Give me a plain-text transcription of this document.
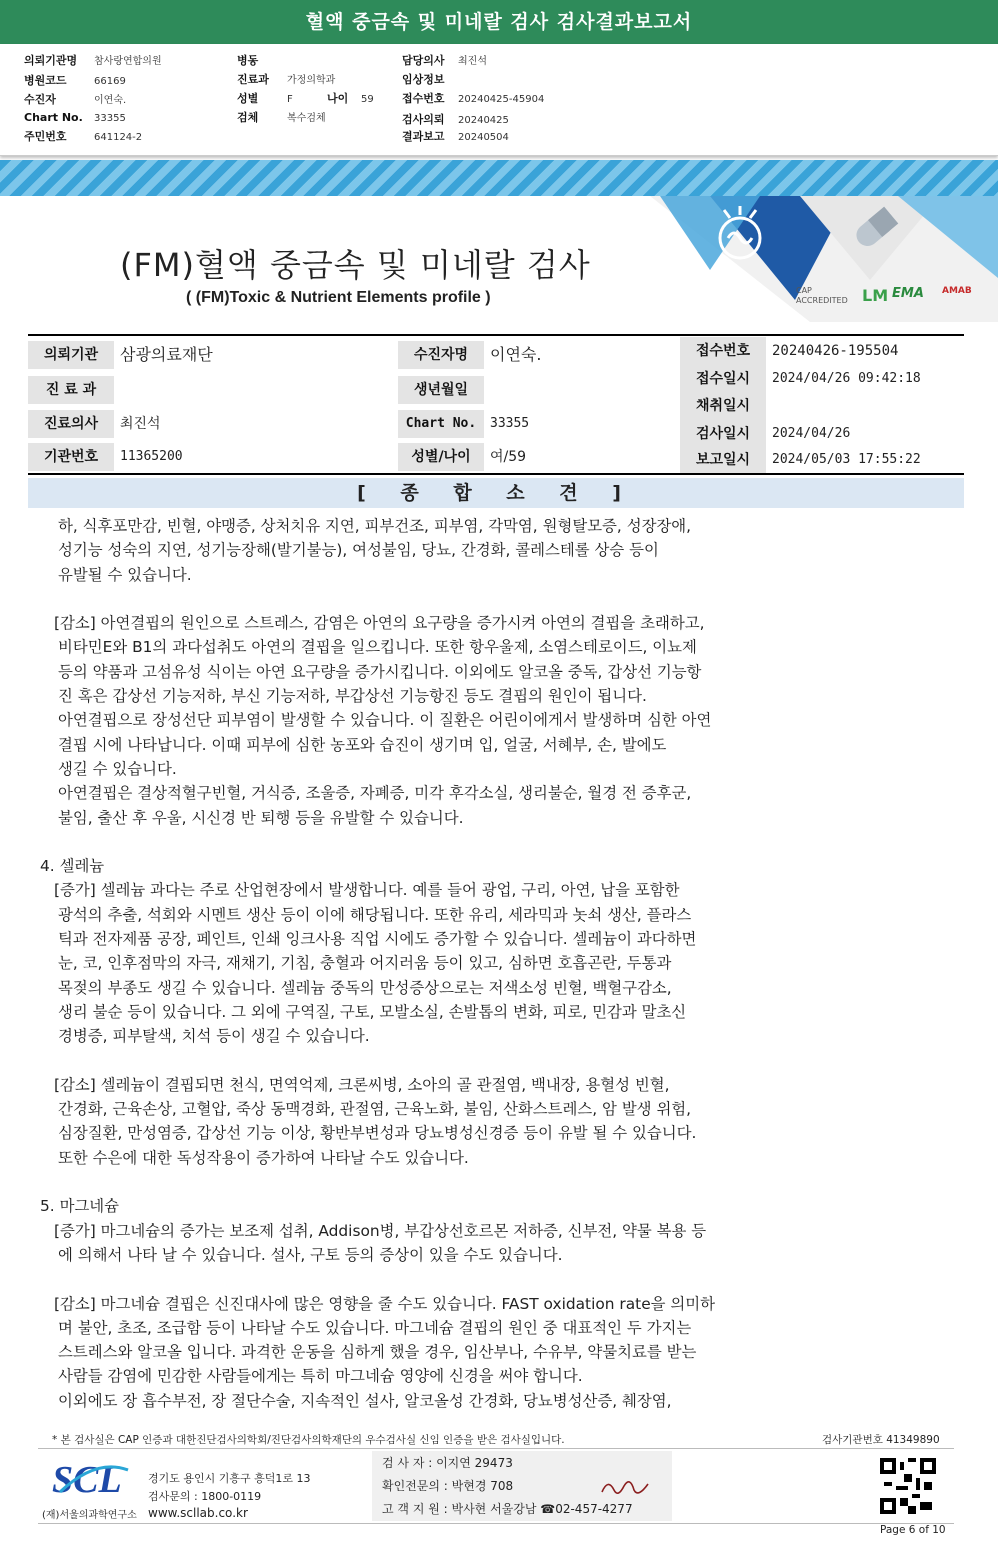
혈액 중금속 및 미네랄 검사 검사결과보고서
의뢰기관명 참사랑연합의원
병원코드	66169
수진자	이연숙.
Chart No. 33355
주민번호	641124-2
병동
진료과 가정의학과
성별	F	나이 59
검체	복수검체
담당의사 최진석
임상정보
접수번호 20240425-45904
검사의뢰 20240425
결과보고 20240504
CAP ACCREDITED LM EMA AMAB
(FM)혈액 중금속 및 미네랄 검사
( (FM)Toxic & Nutrient Elements profile )
의뢰기관	삼광의료재단
진 료 과
진료의사	최진석
기관번호	11365200
수진자명	이연숙.
생년월일
Chart No.	33355
성별/나이	여/59
접수번호	20240426-195504
접수일시	2024/04/26 09:42:18
채취일시
검사일시	2024/04/26
보고일시	2024/05/03 17:55:22
[ 종 합 소 견 ]
하, 식후포만감, 빈혈, 야맹증, 상처치유 지연, 피부건조, 피부염, 각막염, 원형탈모증, 성장장애,
성기능 성숙의 지연, 성기능장해(발기불능), 여성불임, 당뇨, 간경화, 콜레스테롤 상승 등이
유발될 수 있습니다.
[감소] 아연결핍의 원인으로 스트레스, 감염은 아연의 요구량을 증가시켜 아연의 결핍을 초래하고,
비타민E와 B1의 과다섭취도 아연의 결핍을 일으킵니다. 또한 항우울제, 소염스테로이드, 이뇨제
등의 약품과 고섬유성 식이는 아연 요구량을 증가시킵니다. 이외에도 알코올 중독, 갑상선 기능항
진 혹은 갑상선 기능저하, 부신 기능저하, 부갑상선 기능항진 등도 결핍의 원인이 됩니다.
아연결핍으로 장성선단 피부염이 발생할 수 있습니다. 이 질환은 어린이에게서 발생하며 심한 아연
결핍 시에 나타납니다. 이때 피부에 심한 농포와 습진이 생기며 입, 얼굴, 서혜부, 손, 발에도
생길 수 있습니다.
아연결핍은 결상적혈구빈혈, 거식증, 조울증, 자폐증, 미각 후각소실, 생리불순, 월경 전 증후군,
불임, 출산 후 우울, 시신경 반 퇴행 등을 유발할 수 있습니다.
4. 셀레늄
[증가] 셀레늄 과다는 주로 산업현장에서 발생합니다. 예를 들어 광업, 구리, 아연, 납을 포함한
광석의 추출, 석회와 시멘트 생산 등이 이에 해당됩니다. 또한 유리, 세라믹과 놋쇠 생산, 플라스
틱과 전자제품 공장, 페인트, 인쇄 잉크사용 직업 시에도 증가할 수 있습니다. 셀레늄이 과다하면
눈, 코, 인후점막의 자극, 재채기, 기침, 충혈과 어지러움 등이 있고, 심하면 호흡곤란, 두통과
목젖의 부종도 생길 수 있습니다. 셀레늄 중독의 만성증상으로는 저색소성 빈혈, 백혈구감소,
생리 불순 등이 있습니다. 그 외에 구역질, 구토, 모발소실, 손발톱의 변화, 피로, 민감과 말초신
경병증, 피부탈색, 치석 등이 생길 수 있습니다.
[감소] 셀레늄이 결핍되면 천식, 면역억제, 크론씨병, 소아의 골 관절염, 백내장, 용혈성 빈혈,
간경화, 근육손상, 고혈압, 죽상 동맥경화, 관절염, 근육노화, 불임, 산화스트레스, 암 발생 위험,
심장질환, 만성염증, 갑상선 기능 이상, 황반부변성과 당뇨병성신경증 등이 유발 될 수 있습니다.
또한 수은에 대한 독성작용이 증가하여 나타날 수도 있습니다.
5. 마그네슘
[증가] 마그네슘의 증가는 보조제 섭취, Addison병, 부갑상선호르몬 저하증, 신부전, 약물 복용 등
에 의해서 나타 날 수 있습니다. 설사, 구토 등의 증상이 있을 수도 있습니다.
[감소] 마그네슘 결핍은 신진대사에 많은 영향을 줄 수도 있습니다. FAST oxidation rate을 의미하
며 불안, 초조, 조급함 등이 나타날 수도 있습니다. 마그네슘 결핍의 원인 중 대표적인 두 가지는
스트레스와 알코올 입니다. 과격한 운동을 심하게 했을 경우, 임산부나, 수유부, 약물치료를 받는
사람들 감염에 민감한 사람들에게는 특히 마그네슘 영양에 신경을 써야 합니다.
이외에도 장 흡수부전, 장 절단수술, 지속적인 설사, 알코올성 간경화, 당뇨병성산증, 췌장염,
* 본 검사실은 CAP 인증과 대한진단검사의학회/진단검사의학재단의 우수검사실 신임 인증을 받은 검사실입니다.	검사기관번호 41349890
SCL
(재)서울의과학연구소
경기도 용인시 기흥구 흥덕1로 13
검사문의 : 1800-0119
www.scllab.co.kr
검 사 자 : 이지연 29473
확인전문의 : 박현경 708
고 객 지 원 : 박사현 서울강남 ☎02-457-4277
Page 6 of 10
